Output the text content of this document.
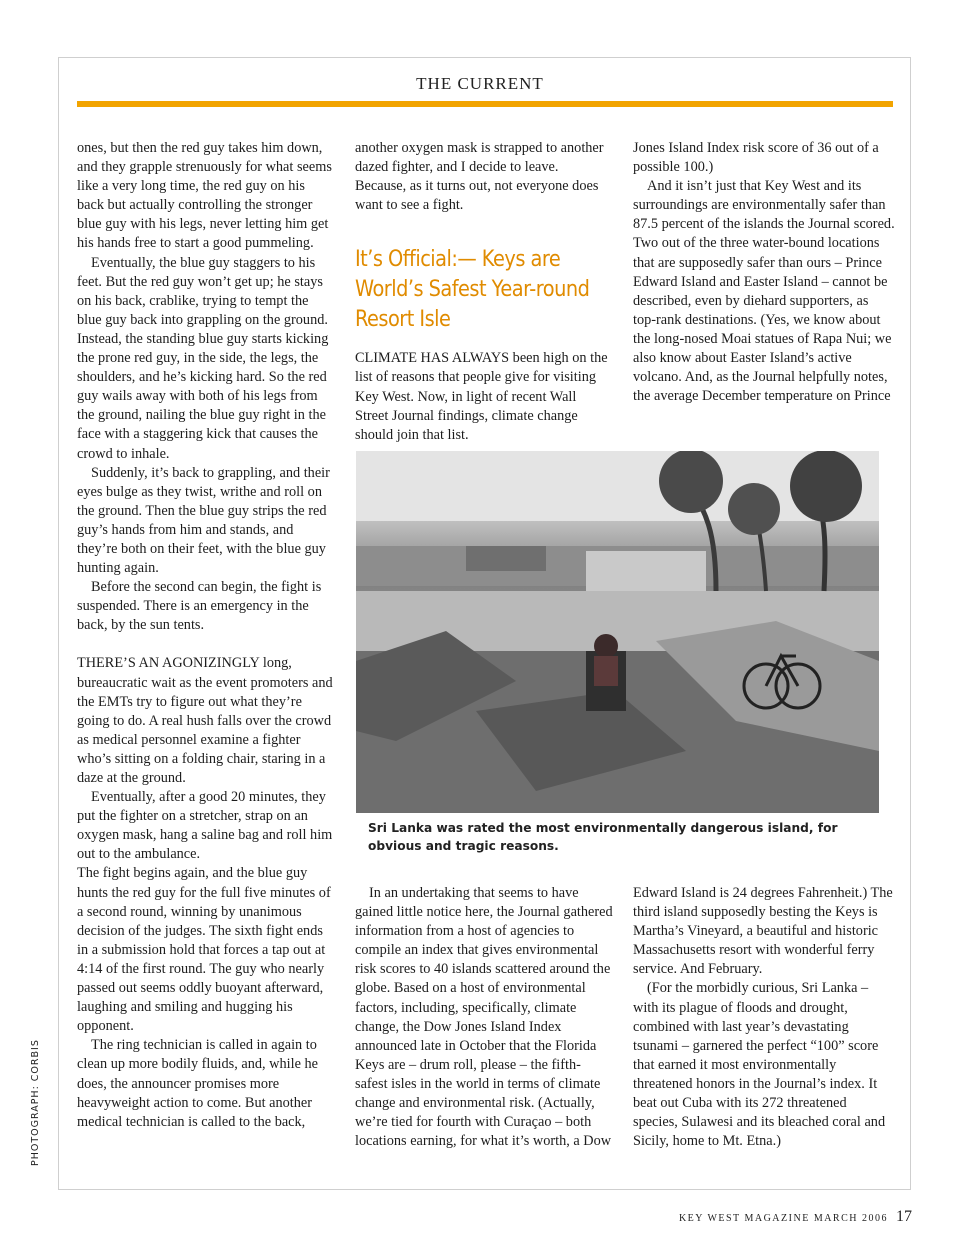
THE CURRENT

ones, but then the red guy takes him down, and they grapple strenuously for what seems like a very long time, the red guy on his back but actually controlling the stronger blue guy with his legs, never letting him get his hands free to start a good pummeling.

Eventually, the blue guy staggers to his feet. But the red guy won’t get up; he stays on his back, crablike, trying to tempt the blue guy back into grappling on the ground. Instead, the standing blue guy starts kicking the prone red guy, in the side, the legs, the shoulders, and he’s kicking hard. So the red guy wails away with both of his legs from the ground, nailing the blue guy right in the face with a staggering kick that causes the crowd to inhale.

Suddenly, it’s back to grappling, and their eyes bulge as they twist, writhe and roll on the ground. Then the blue guy strips the red guy’s hands from him and stands, and they’re both on their feet, with the blue guy hunting again.

Before the second can begin, the fight is suspended. There is an emergency in the back, by the sun tents.

THERE’S AN AGONIZINGLY long, bureaucratic wait as the event promoters and the EMTs try to figure out what they’re going to do. A real hush falls over the crowd as medical personnel examine a fighter who’s sitting on a folding chair, staring in a daze at the ground.

Eventually, after a good 20 minutes, they put the fighter on a stretcher, strap on an oxygen mask, hang a saline bag and roll him out to the ambulance.

The fight begins again, and the blue guy hunts the red guy for the full five minutes of a second round, winning by unanimous decision of the judges. The sixth fight ends in a submission hold that forces a tap out at 4:14 of the first round. The guy who nearly passed out seems oddly buoyant afterward, laughing and smiling and hugging his opponent.

The ring technician is called in again to clean up more bodily fluids, and, while he does, the announcer promises more heavyweight action to come. But another medical technician is called to the back,

another oxygen mask is strapped to another dazed fighter, and I decide to leave. Because, as it turns out, not everyone does want to see a fight.

It’s Official:— Keys are World’s Safest Year-round Resort Isle

CLIMATE HAS ALWAYS been high on the list of reasons that people give for visiting Key West. Now, in light of recent Wall Street Journal findings, climate change should join that list.

Jones Island Index risk score of 36 out of a possible 100.)

And it isn’t just that Key West and its surroundings are environmentally safer than 87.5 percent of the islands the Journal scored. Two out of the three water-bound locations that are supposedly safer than ours – Prince Edward Island and Easter Island – cannot be described, even by diehard supporters, as top-rank destinations. (Yes, we know about the long-nosed Moai statues of Rapa Nui; we also know about Easter Island’s active volcano. And, as the Journal helpfully notes, the average December temperature on Prince

Sri Lanka was rated the most environmentally dangerous island, for obvious and tragic reasons.

In an undertaking that seems to have gained little notice here, the Journal gathered information from a host of agencies to compile an index that gives environmental risk scores to 40 islands scattered around the globe. Based on a host of environmental factors, including, specifically, climate change, the Dow Jones Island Index announced late in October that the Florida Keys are – drum roll, please – the fifth-safest isles in the world in terms of climate change and environmental risk. (Actually, we’re tied for fourth with Curaçao – both locations earning, for what it’s worth, a Dow

Edward Island is 24 degrees Fahrenheit.) The third island supposedly besting the Keys is Martha’s Vineyard, a beautiful and historic Massachusetts resort with wonderful ferry service. And February.

(For the morbidly curious, Sri Lanka – with its plague of floods and drought, combined with last year’s devastating tsunami – garnered the perfect “100” score that earned it most environmentally threatened honors in the Journal’s index. It beat out Cuba with its 272 threatened species, Sulawesi and its bleached coral and Sicily, home to Mt. Etna.)

PHOTOGRAPH: CORBIS
KEY WEST MAGAZINE MARCH 2006 17
